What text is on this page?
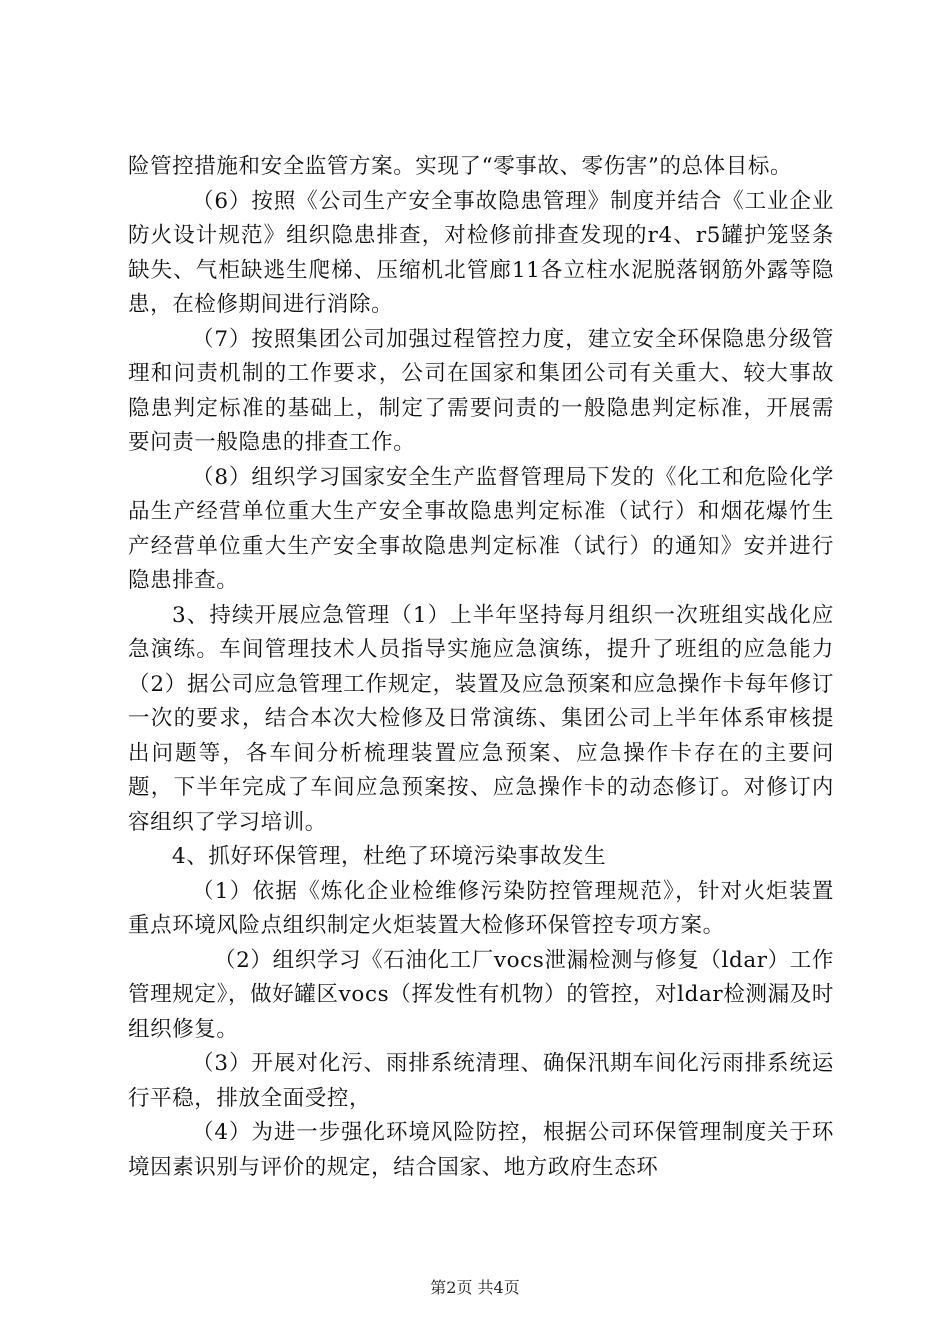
险管控措施和安全监管方案。实现了“零事故、零伤害”的总体目标。

（6）按照《公司生产安全事故隐患管理》制度并结合《工业企业防火设计规范》组织隐患排查，对检修前排查发现的r4、r5罐护笼竖条缺失、气柜缺逃生爬梯、压缩机北管廊11各立柱水泥脱落钢筋外露等隐患，在检修期间进行消除。

（7）按照集团公司加强过程管控力度，建立安全环保隐患分级管理和问责机制的工作要求，公司在国家和集团公司有关重大、较大事故隐患判定标准的基础上，制定了需要问责的一般隐患判定标准，开展需要问责一般隐患的排查工作。

（8）组织学习国家安全生产监督管理局下发的《化工和危险化学品生产经营单位重大生产安全事故隐患判定标准（试行）和烟花爆竹生产经营单位重大生产安全事故隐患判定标准（试行）的通知》安并进行隐患排查。

3、持续开展应急管理（1）上半年坚持每月组织一次班组实战化应急演练。车间管理技术人员指导实施应急演练，提升了班组的应急能力（2）据公司应急管理工作规定，装置及应急预案和应急操作卡每年修订一次的要求，结合本次大检修及日常演练、集团公司上半年体系审核提出问题等，各车间分析梳理装置应急预案、应急操作卡存在的主要问题，下半年完成了车间应急预案按、应急操作卡的动态修订。对修订内容组织了学习培训。

4、抓好环保管理，杜绝了环境污染事故发生

（1）依据《炼化企业检维修污染防控管理规范》，针对火炬装置重点环境风险点组织制定火炬装置大检修环保管控专项方案。

（2）组织学习《石油化工厂vocs泄漏检测与修复（ldar）工作管理规定》，做好罐区vocs（挥发性有机物）的管控，对ldar检测漏及时组织修复。

（3）开展对化污、雨排系统清理、确保汛期车间化污雨排系统运行平稳，排放全面受控，

（4）为进一步强化环境风险防控，根据公司环保管理制度关于环境因素识别与评价的规定，结合国家、地方政府生态环

第2页 共4页
